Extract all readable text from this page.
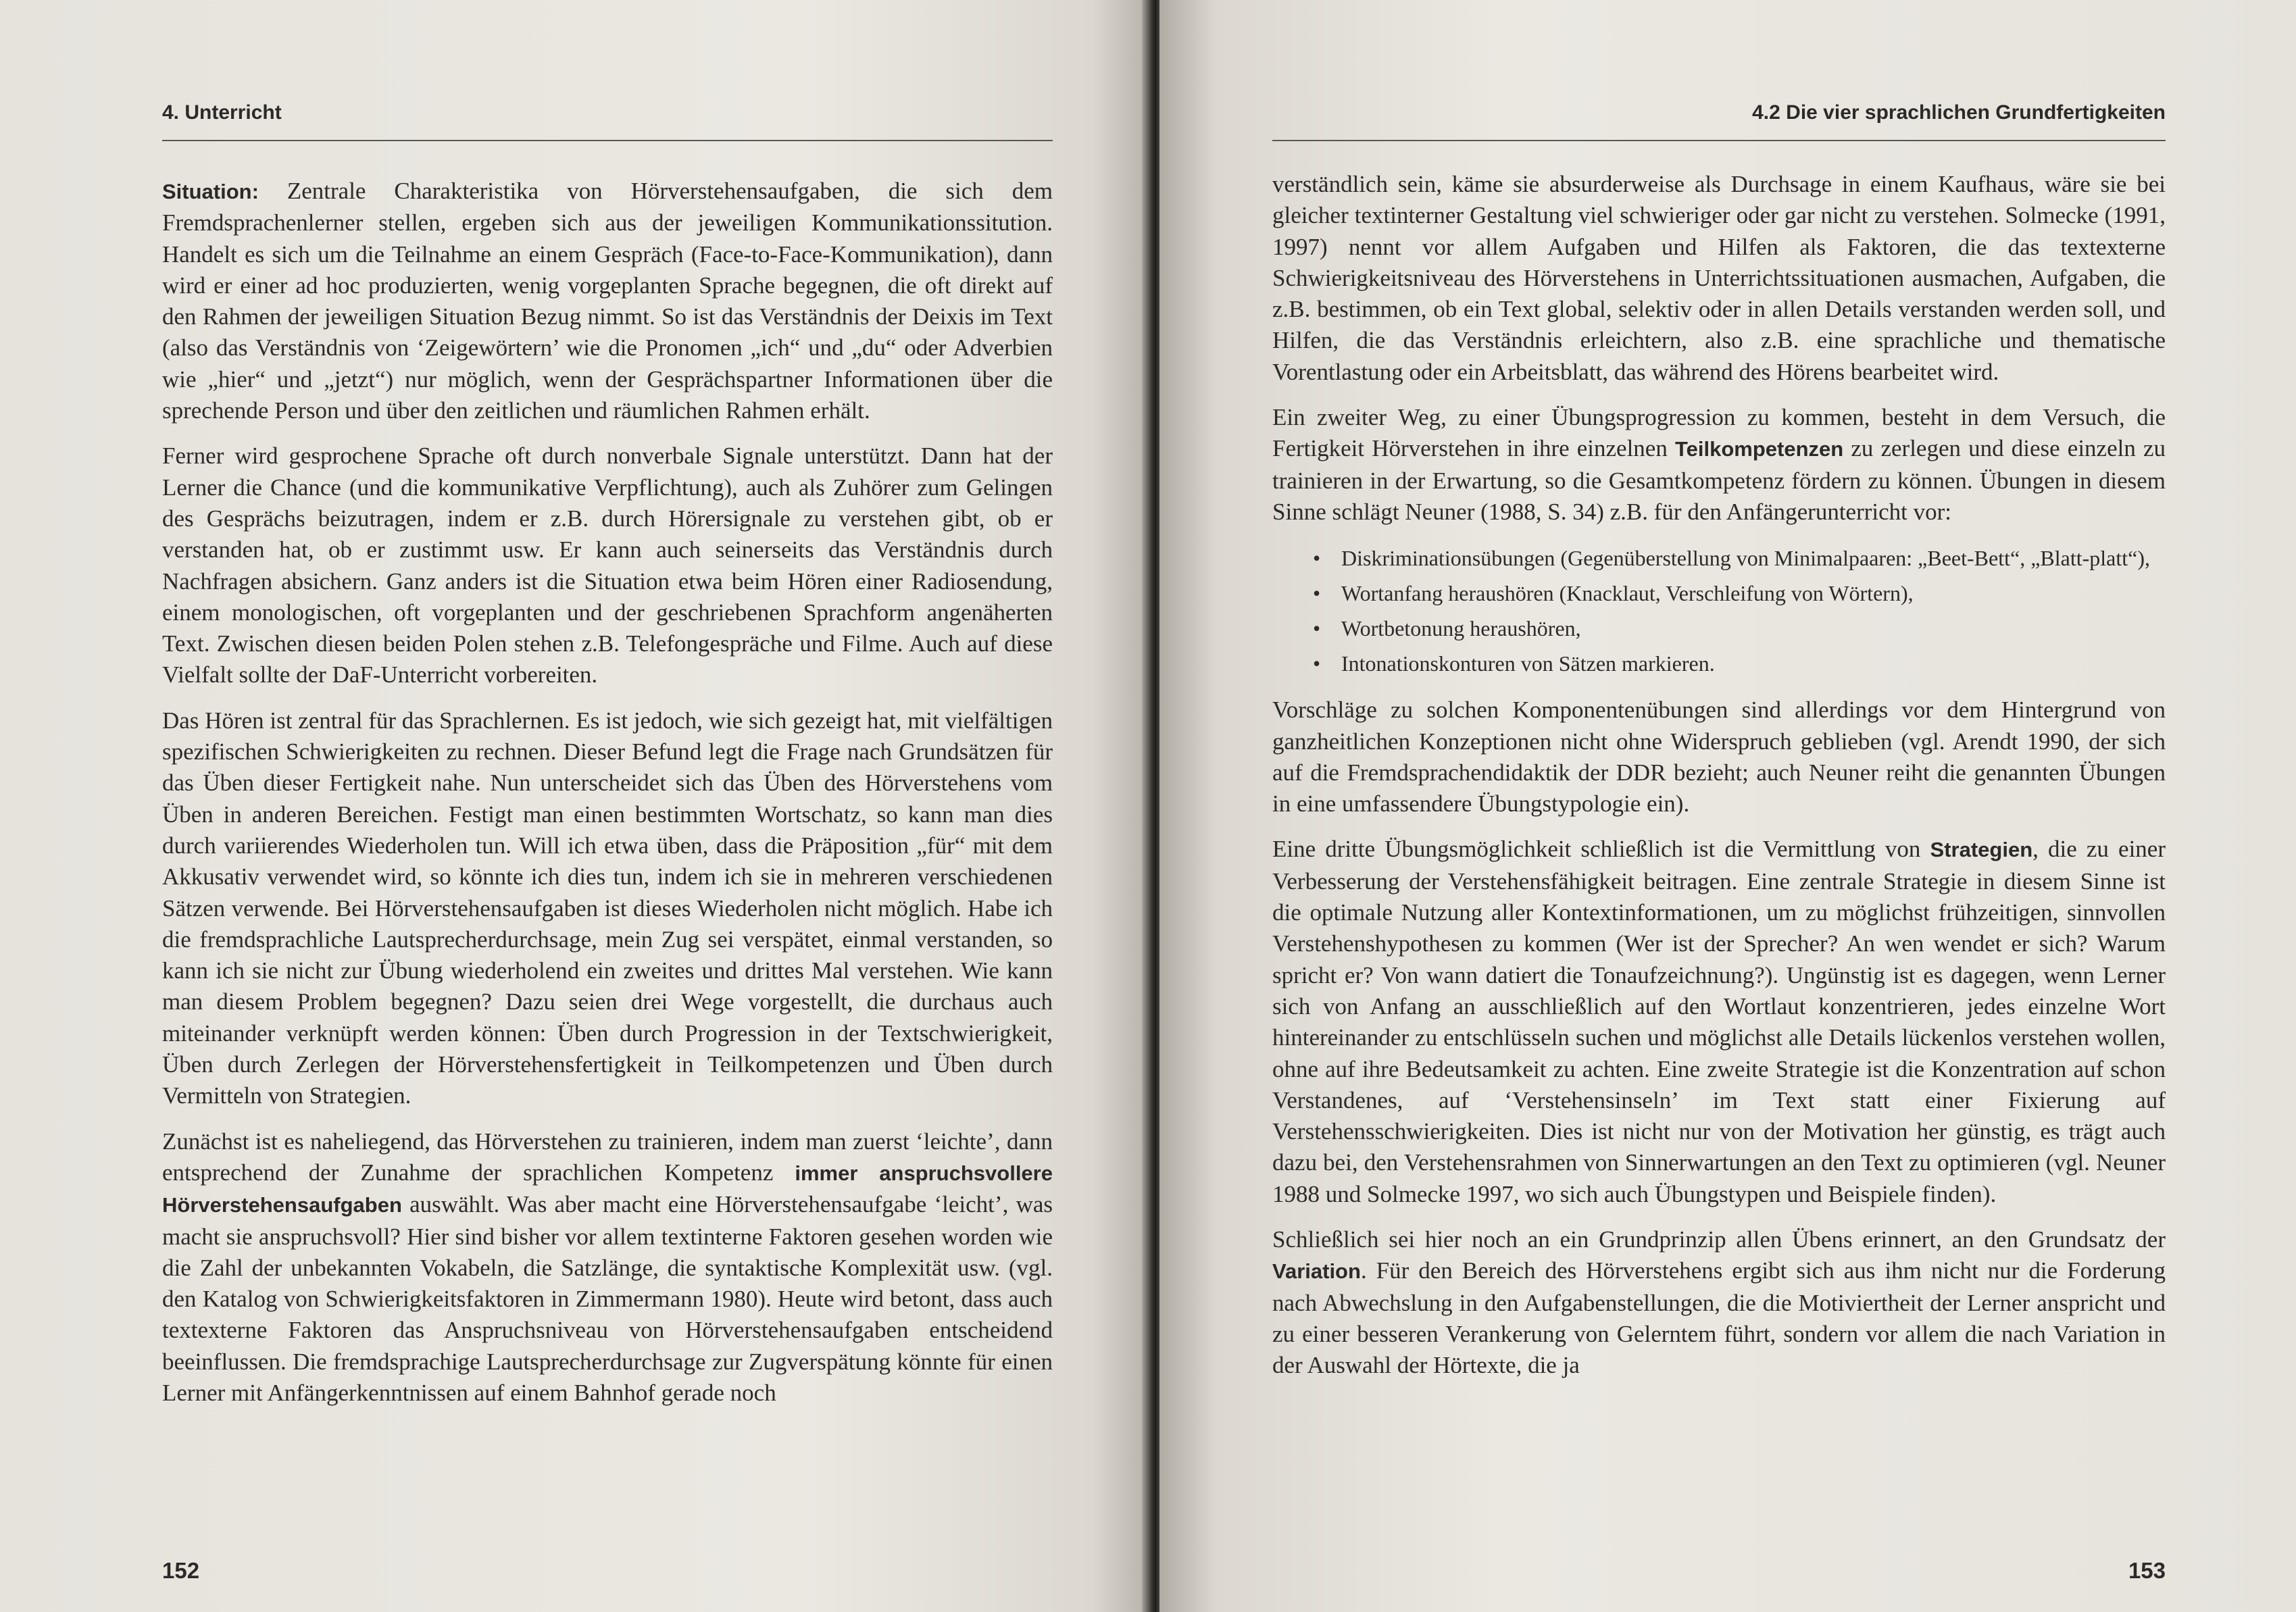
4. Unterricht

Situation: Zentrale Charakteristika von Hörverstehensaufgaben, die sich dem Fremdsprachenlerner stellen, ergeben sich aus der jeweiligen Kommunikationssitution. Handelt es sich um die Teilnahme an einem Gespräch (Face-to-Face-Kommunikation), dann wird er einer ad hoc produzierten, wenig vorgeplanten Sprache begegnen, die oft direkt auf den Rahmen der jeweiligen Situation Bezug nimmt. So ist das Verständnis der Deixis im Text (also das Verständnis von ‘Zeigewörtern’ wie die Pronomen „ich“ und „du“ oder Adverbien wie „hier“ und „jetzt“) nur möglich, wenn der Gesprächspartner Informationen über die sprechende Person und über den zeitlichen und räumlichen Rahmen erhält.

Ferner wird gesprochene Sprache oft durch nonverbale Signale unterstützt. Dann hat der Lerner die Chance (und die kommunikative Verpflichtung), auch als Zuhörer zum Gelingen des Gesprächs beizutragen, indem er z.B. durch Hörersignale zu verstehen gibt, ob er verstanden hat, ob er zustimmt usw. Er kann auch seinerseits das Verständnis durch Nachfragen absichern. Ganz anders ist die Situation etwa beim Hören einer Radiosendung, einem monologischen, oft vorgeplanten und der geschriebenen Sprachform angenäherten Text. Zwischen diesen beiden Polen stehen z.B. Telefongespräche und Filme. Auch auf diese Vielfalt sollte der DaF-Unterricht vorbereiten.

Das Hören ist zentral für das Sprachlernen. Es ist jedoch, wie sich gezeigt hat, mit vielfältigen spezifischen Schwierigkeiten zu rechnen. Dieser Befund legt die Frage nach Grundsätzen für das Üben dieser Fertigkeit nahe. Nun unterscheidet sich das Üben des Hörverstehens vom Üben in anderen Bereichen. Festigt man einen bestimmten Wortschatz, so kann man dies durch variierendes Wiederholen tun. Will ich etwa üben, dass die Präposition „für“ mit dem Akkusativ verwendet wird, so könnte ich dies tun, indem ich sie in mehreren verschiedenen Sätzen verwende. Bei Hörverstehensaufgaben ist dieses Wiederholen nicht möglich. Habe ich die fremdsprachliche Lautsprecherdurchsage, mein Zug sei verspätet, einmal verstanden, so kann ich sie nicht zur Übung wiederholend ein zweites und drittes Mal verstehen. Wie kann man diesem Problem begegnen? Dazu seien drei Wege vorgestellt, die durchaus auch miteinander verknüpft werden können: Üben durch Progression in der Textschwierigkeit, Üben durch Zerlegen der Hörverstehensfertigkeit in Teilkompetenzen und Üben durch Vermitteln von Strategien.

Zunächst ist es naheliegend, das Hörverstehen zu trainieren, indem man zuerst ‘leichte’, dann entsprechend der Zunahme der sprachlichen Kompetenz immer anspruchsvollere Hörverstehensaufgaben auswählt. Was aber macht eine Hörverstehensaufgabe ‘leicht’, was macht sie anspruchsvoll? Hier sind bisher vor allem textinterne Faktoren gesehen worden wie die Zahl der unbekannten Vokabeln, die Satzlänge, die syntaktische Komplexität usw. (vgl. den Katalog von Schwierigkeitsfaktoren in Zimmermann 1980). Heute wird betont, dass auch textexterne Faktoren das Anspruchsniveau von Hörverstehensaufgaben entscheidend beeinflussen. Die fremdsprachige Lautsprecherdurchsage zur Zugverspätung könnte für einen Lerner mit Anfängerkenntnissen auf einem Bahnhof gerade noch

152
4.2 Die vier sprachlichen Grundfertigkeiten

verständlich sein, käme sie absurderweise als Durchsage in einem Kaufhaus, wäre sie bei gleicher textinterner Gestaltung viel schwieriger oder gar nicht zu verstehen. Solmecke (1991, 1997) nennt vor allem Aufgaben und Hilfen als Faktoren, die das textexterne Schwierigkeitsniveau des Hörverstehens in Unterrichtssituationen ausmachen, Aufgaben, die z.B. bestimmen, ob ein Text global, selektiv oder in allen Details verstanden werden soll, und Hilfen, die das Verständnis erleichtern, also z.B. eine sprachliche und thematische Vorentlastung oder ein Arbeitsblatt, das während des Hörens bearbeitet wird.

Ein zweiter Weg, zu einer Übungsprogression zu kommen, besteht in dem Versuch, die Fertigkeit Hörverstehen in ihre einzelnen Teilkompetenzen zu zerlegen und diese einzeln zu trainieren in der Erwartung, so die Gesamtkompetenz fördern zu können. Übungen in diesem Sinne schlägt Neuner (1988, S. 34) z.B. für den Anfängerunterricht vor:

• Diskriminationsübungen (Gegenüberstellung von Minimalpaaren: „Beet-Bett“, „Blatt-platt“),
• Wortanfang heraushören (Knacklaut, Verschleifung von Wörtern),
• Wortbetonung heraushören,
• Intonationskonturen von Sätzen markieren.

Vorschläge zu solchen Komponentenübungen sind allerdings vor dem Hintergrund von ganzheitlichen Konzeptionen nicht ohne Widerspruch geblieben (vgl. Arendt 1990, der sich auf die Fremdsprachendidaktik der DDR bezieht; auch Neuner reiht die genannten Übungen in eine umfassendere Übungstypologie ein).

Eine dritte Übungsmöglichkeit schließlich ist die Vermittlung von Strategien, die zu einer Verbesserung der Verstehensfähigkeit beitragen. Eine zentrale Strategie in diesem Sinne ist die optimale Nutzung aller Kontextinformationen, um zu möglichst frühzeitigen, sinnvollen Verstehenshypothesen zu kommen (Wer ist der Sprecher? An wen wendet er sich? Warum spricht er? Von wann datiert die Tonaufzeichnung?). Ungünstig ist es dagegen, wenn Lerner sich von Anfang an ausschließlich auf den Wortlaut konzentrieren, jedes einzelne Wort hintereinander zu entschlüsseln suchen und möglichst alle Details lückenlos verstehen wollen, ohne auf ihre Bedeutsamkeit zu achten. Eine zweite Strategie ist die Konzentration auf schon Verstandenes, auf ‘Verstehensinseln’ im Text statt einer Fixierung auf Verstehensschwierigkeiten. Dies ist nicht nur von der Motivation her günstig, es trägt auch dazu bei, den Verstehensrahmen von Sinnerwartungen an den Text zu optimieren (vgl. Neuner 1988 und Solmecke 1997, wo sich auch Übungstypen und Beispiele finden).

Schließlich sei hier noch an ein Grundprinzip allen Übens erinnert, an den Grundsatz der Variation. Für den Bereich des Hörverstehens ergibt sich aus ihm nicht nur die Forderung nach Abwechslung in den Aufgabenstellungen, die die Motiviertheit der Lerner anspricht und zu einer besseren Verankerung von Gelerntem führt, sondern vor allem die nach Variation in der Auswahl der Hörtexte, die ja

153
